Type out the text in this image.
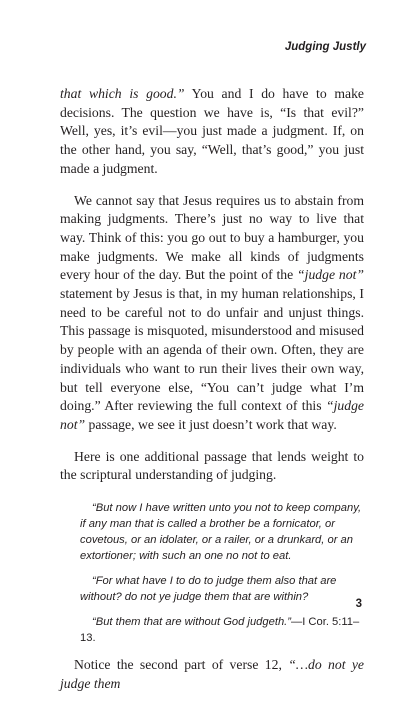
Judging Justly

that which is good.” You and I do have to make decisions. The question we have is, “Is that evil?” Well, yes, it’s evil—you just made a judgment. If, on the other hand, you say, “Well, that’s good,” you just made a judgment.

We cannot say that Jesus requires us to abstain from making judgments. There’s just no way to live that way. Think of this: you go out to buy a hamburger, you make judgments. We make all kinds of judgments every hour of the day. But the point of the “judge not” statement by Jesus is that, in my human relationships, I need to be careful not to do unfair and unjust things. This passage is misquoted, misunderstood and misused by people with an agenda of their own. Often, they are individuals who want to run their lives their own way, but tell everyone else, “You can’t judge what I’m doing.” After reviewing the full context of this “judge not” passage, we see it just doesn’t work that way.

Here is one additional passage that lends weight to the scriptural understanding of judging.

“But now I have written unto you not to keep company, if any man that is called a brother be a fornicator, or covetous, or an idolater, or a railer, or a drunkard, or an extortioner; with such an one no not to eat.

“For what have I to do to judge them also that are without? do not ye judge them that are within?

“But them that are without God judgeth.”—I Cor. 5:11–13.

Notice the second part of verse 12, “…do not ye judge them

3
